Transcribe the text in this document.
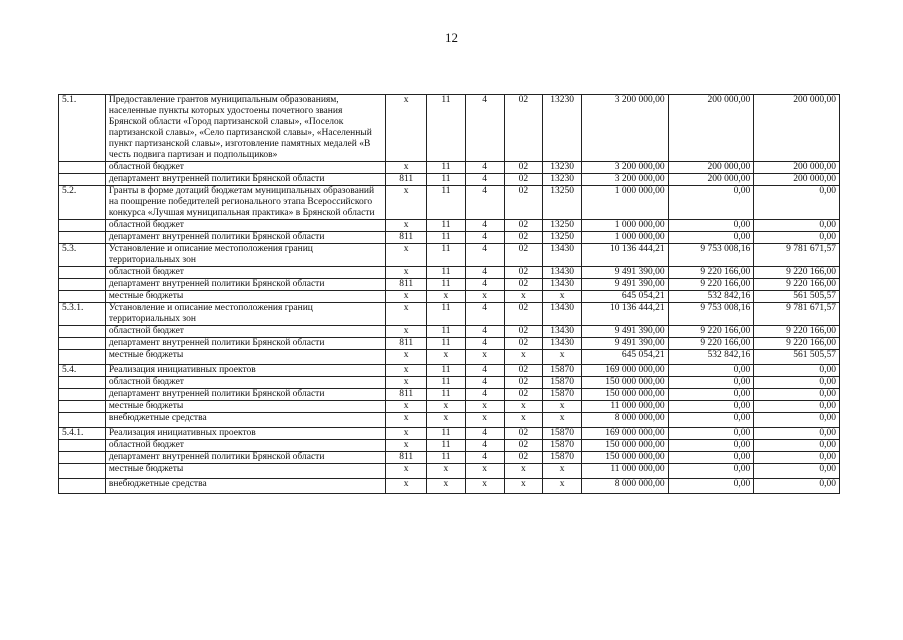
12
5.1.	Предоставление грантов муниципальным образованиям, населенные пункты которых удостоены почетного звания Брянской области «Город партизанской славы», «Поселок партизанской славы», «Село партизанской славы», «Населенный пункт партизанской славы», изготовление памятных медалей «В честь подвига партизан и подпольщиков»	x	11	4	02	13230	3 200 000,00	200 000,00	200 000,00
	областной бюджет	x	11	4	02	13230	3 200 000,00	200 000,00	200 000,00
	департамент внутренней политики Брянской области	811	11	4	02	13230	3 200 000,00	200 000,00	200 000,00
5.2.	Гранты в форме дотаций бюджетам муниципальных образований на поощрение победителей регионального этапа Всероссийского конкурса «Лучшая муниципальная практика» в Брянской области	x	11	4	02	13250	1 000 000,00	0,00	0,00
	областной бюджет	x	11	4	02	13250	1 000 000,00	0,00	0,00
	департамент внутренней политики Брянской области	811	11	4	02	13250	1 000 000,00	0,00	0,00
5.3.	Установление и описание местоположения границ территориальных зон	x	11	4	02	13430	10 136 444,21	9 753 008,16	9 781 671,57
	областной бюджет	x	11	4	02	13430	9 491 390,00	9 220 166,00	9 220 166,00
	департамент внутренней политики Брянской области	811	11	4	02	13430	9 491 390,00	9 220 166,00	9 220 166,00
	местные бюджеты	x	x	x	x	x	645 054,21	532 842,16	561 505,57
5.3.1.	Установление и описание местоположения границ территориальных зон	x	11	4	02	13430	10 136 444,21	9 753 008,16	9 781 671,57
	областной бюджет	x	11	4	02	13430	9 491 390,00	9 220 166,00	9 220 166,00
	департамент внутренней политики Брянской области	811	11	4	02	13430	9 491 390,00	9 220 166,00	9 220 166,00
	местные бюджеты	x	x	x	x	x	645 054,21	532 842,16	561 505,57
5.4.	Реализация инициативных проектов	x	11	4	02	15870	169 000 000,00	0,00	0,00
	областной бюджет	x	11	4	02	15870	150 000 000,00	0,00	0,00
	департамент внутренней политики Брянской области	811	11	4	02	15870	150 000 000,00	0,00	0,00
	местные бюджеты	x	x	x	x	x	11 000 000,00	0,00	0,00
	внебюджетные средства	x	x	x	x	x	8 000 000,00	0,00	0,00
5.4.1.	Реализация инициативных проектов	x	11	4	02	15870	169 000 000,00	0,00	0,00
	областной бюджет	x	11	4	02	15870	150 000 000,00	0,00	0,00
	департамент внутренней политики Брянской области	811	11	4	02	15870	150 000 000,00	0,00	0,00
	местные бюджеты	x	x	x	x	x	11 000 000,00	0,00	0,00
	внебюджетные средства	x	x	x	x	x	8 000 000,00	0,00	0,00
